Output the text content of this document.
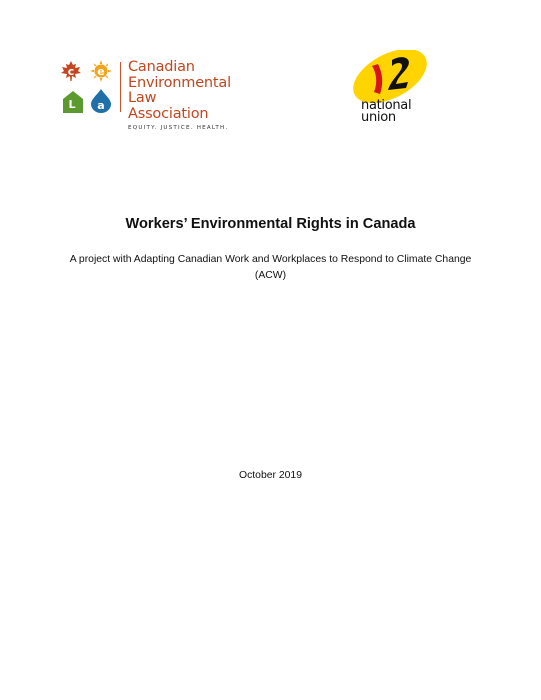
c	e
L	a
Canadian
Environmental Law
Association
EQUITY. JUSTICE. HEALTH.
national
union
Workers’ Environmental Rights in Canada
A project with Adapting Canadian Work and Workplaces to Respond to Climate Change (ACW)
October 2019
